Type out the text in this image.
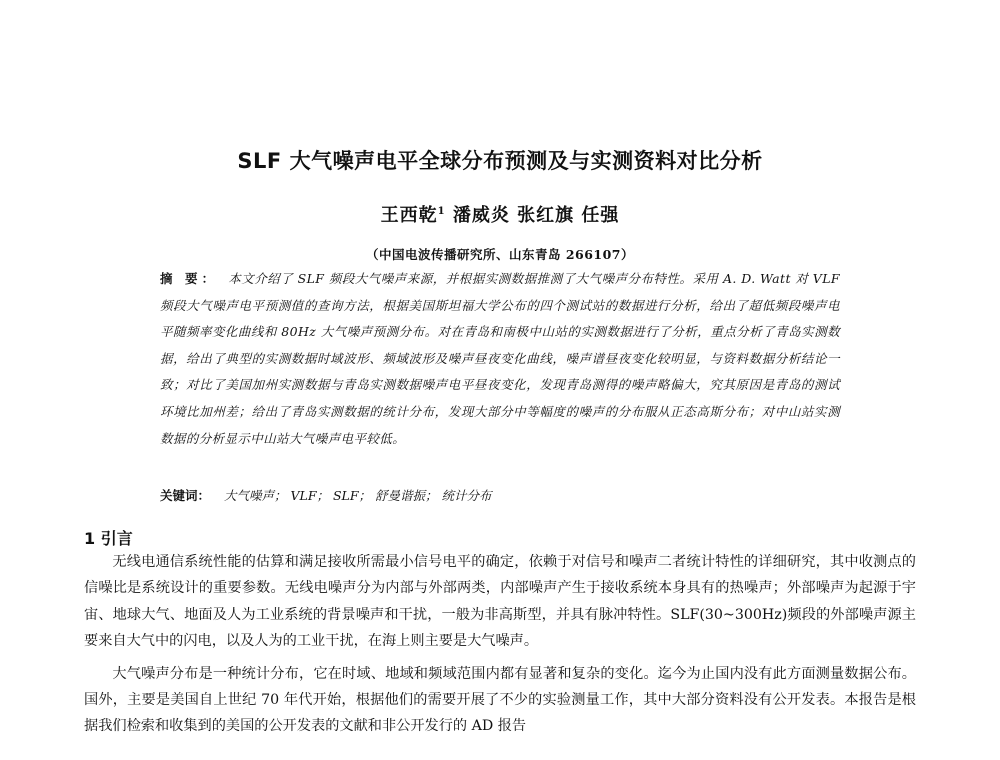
SLF 大气噪声电平全球分布预测及与实测资料对比分析
王西乾$^1$ 潘威炎 张红旗 任强
（中国电波传播研究所、山东青岛 266107）
摘 要： 本文介绍了 SLF 频段大气噪声来源，并根据实测数据推测了大气噪声分布特性。采用 A. D. Watt 对 VLF 频段大气噪声电平预测值的查询方法，根据美国斯坦福大学公布的四个测试站的数据进行分析，给出了超低频段噪声电平随频率变化曲线和 80Hz 大气噪声预测分布。对在青岛和南极中山站的实测数据进行了分析，重点分析了青岛实测数据，给出了典型的实测数据时域波形、频域波形及噪声昼夜变化曲线，噪声谱昼夜变化较明显，与资料数据分析结论一致；对比了美国加州实测数据与青岛实测数据噪声电平昼夜变化，发现青岛测得的噪声略偏大，究其原因是青岛的测试环境比加州差；给出了青岛实测数据的统计分布，发现大部分中等幅度的噪声的分布服从正态高斯分布；对中山站实测数据的分析显示中山站大气噪声电平较低。
关键词： 大气噪声； VLF； SLF； 舒曼谐振； 统计分布
1 引言

无线电通信系统性能的估算和满足接收所需最小信号电平的确定，依赖于对信号和噪声二者统计特性的详细研究，其中收测点的信噪比是系统设计的重要参数。无线电噪声分为内部与外部两类，内部噪声产生于接收系统本身具有的热噪声；外部噪声为起源于宇宙、地球大气、地面及人为工业系统的背景噪声和干扰，一般为非高斯型，并具有脉冲特性。SLF(30~300Hz)频段的外部噪声源主要来自大气中的闪电，以及人为的工业干扰，在海上则主要是大气噪声。

大气噪声分布是一种统计分布，它在时域、地域和频域范围内都有显著和复杂的变化。迄今为止国内没有此方面测量数据公布。国外，主要是美国自上世纪 70 年代开始，根据他们的需要开展了不少的实验测量工作，其中大部分资料没有公开发表。本报告是根据我们检索和收集到的美国的公开发表的文献和非公开发行的 AD 报告
